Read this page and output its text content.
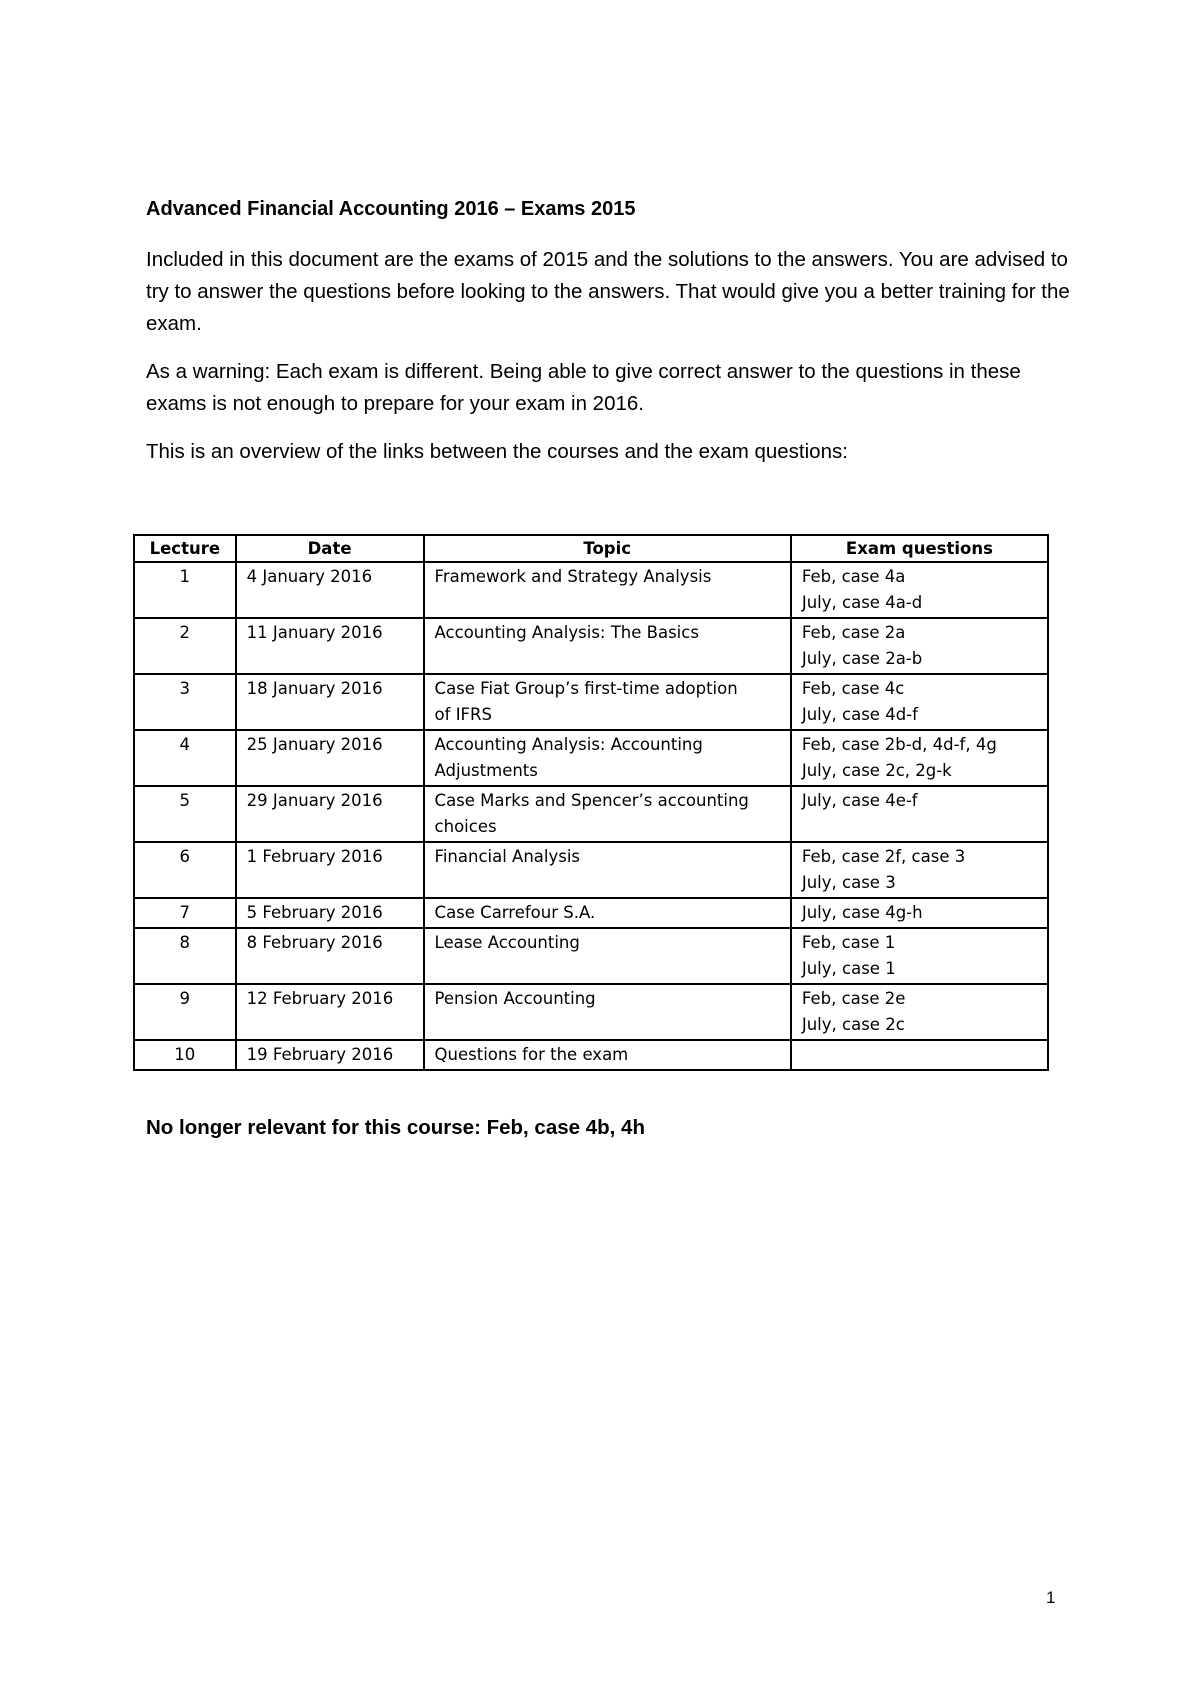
Advanced Financial Accounting 2016 – Exams 2015
Included in this document are the exams of 2015 and the solutions to the answers. You are advised to try to answer the questions before looking to the answers. That would give you a better training for the exam.
As a warning: Each exam is different. Being able to give correct answer to the questions in these exams is not enough to prepare for your exam in 2016.
This is an overview of the links between the courses and the exam questions:
Lecture	Date	Topic	Exam questions
1	4 January 2016	Framework and Strategy Analysis	Feb, case 4a
July, case 4a-d

2	11 January 2016	Accounting Analysis: The Basics	Feb, case 2a
July, case 2a-b

3	18 January 2016	Case Fiat Group’s first-time adoption
of IFRS	Feb, case 4c
July, case 4d-f

4	25 January 2016	Accounting Analysis: Accounting
Adjustments	Feb, case 2b-d, 4d-f, 4g
July, case 2c, 2g-k

5	29 January 2016	Case Marks and Spencer’s accounting
choices	July, case 4e-f

6	1 February 2016	Financial Analysis	Feb, case 2f, case 3
July, case 3

7	5 February 2016	Case Carrefour S.A.	July, case 4g-h

8	8 February 2016	Lease Accounting	Feb, case 1
July, case 1

9	12 February 2016	Pension Accounting	Feb, case 2e
July, case 2c

10	19 February 2016	Questions for the exam	

No longer relevant for this course: Feb, case 4b, 4h
1
